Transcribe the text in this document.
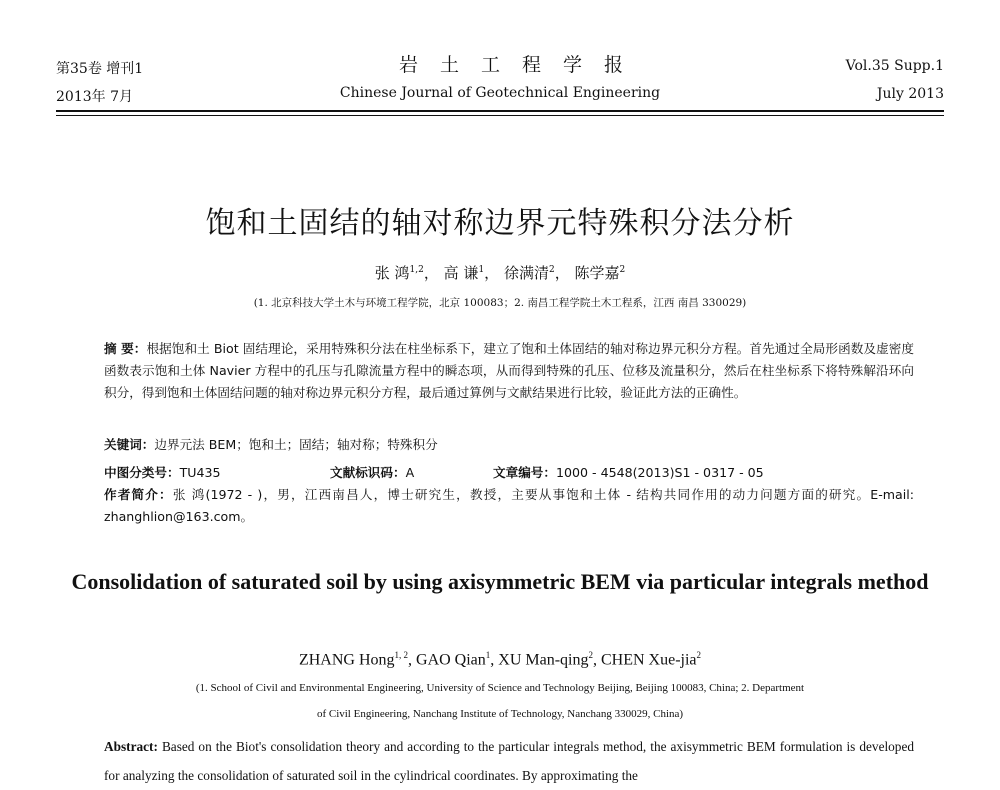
第35卷 增刊1
2013年 7月
岩土工程学报
Chinese Journal of Geotechnical Engineering
Vol.35 Supp.1
July 2013
饱和土固结的轴对称边界元特殊积分法分析
张 鸿$^{1,2}$， 高 谦$^1$， 徐满清$^2$， 陈学嘉$^2$
(1. 北京科技大学土木与环境工程学院，北京 100083；2. 南昌工程学院土木工程系，江西 南昌 330029)
摘 要：根据饱和土 Biot 固结理论，采用特殊积分法在柱坐标系下，建立了饱和土体固结的轴对称边界元积分方程。首先通过全局形函数及虚密度函数表示饱和土体 Navier 方程中的孔压与孔隙流量方程中的瞬态项，从而得到特殊的孔压、位移及流量积分，然后在柱坐标系下将特殊解沿环向积分，得到饱和土体固结问题的轴对称边界元积分方程，最后通过算例与文献结果进行比较，验证此方法的正确性。
关键词：边界元法 BEM；饱和土；固结；轴对称；特殊积分
中图分类号：TU435	文献标识码：A	文章编号：1000 - 4548(2013)S1 - 0317 - 05
作者简介：张 鸿(1972 - )，男，江西南昌人，博士研究生，教授，主要从事饱和土体 - 结构共同作用的动力问题方面的研究。E-mail: zhanghlion@163.com。
Consolidation of saturated soil by using axisymmetric BEM via particular integrals method
ZHANG Hong$^{1, 2}$, GAO Qian$^1$, XU Man-qing$^2$, CHEN Xue-jia$^2$
(1. School of Civil and Environmental Engineering, University of Science and Technology Beijing, Beijing 100083, China; 2. Department
of Civil Engineering, Nanchang Institute of Technology, Nanchang 330029, China)
Abstract: Based on the Biot's consolidation theory and according to the particular integrals method, the axisymmetric BEM formulation is developed for analyzing the consolidation of saturated soil in the cylindrical coordinates. By approximating the
